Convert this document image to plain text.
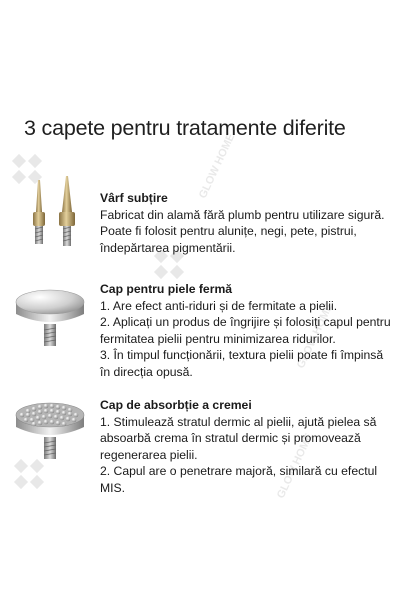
GLOW HOME
GLOW HOME
GLOW HOME
3 capete pentru tratamente diferite
Vârf subțire

Fabricat din alamă fără plumb pentru utilizare sigură.

Poate fi folosit pentru alunițe, negi, pete, pistrui,

îndepărtarea pigmentării.

Cap pentru piele fermă

1. Are efect anti-riduri și de fermitate a pielii.

2. Aplicați un produs de îngrijire și folosiți capul pentru

fermitatea pielii pentru minimizarea ridurilor.

3. În timpul funcționării, textura pielii poate fi împinsă

în direcția opusă.

Cap de absorbție a cremei

1. Stimulează stratul dermic al pielii, ajută pielea să

absoarbă crema în stratul dermic și promovează

regenerarea pielii.

2. Capul are o penetrare majoră, similară cu efectul

MIS.
